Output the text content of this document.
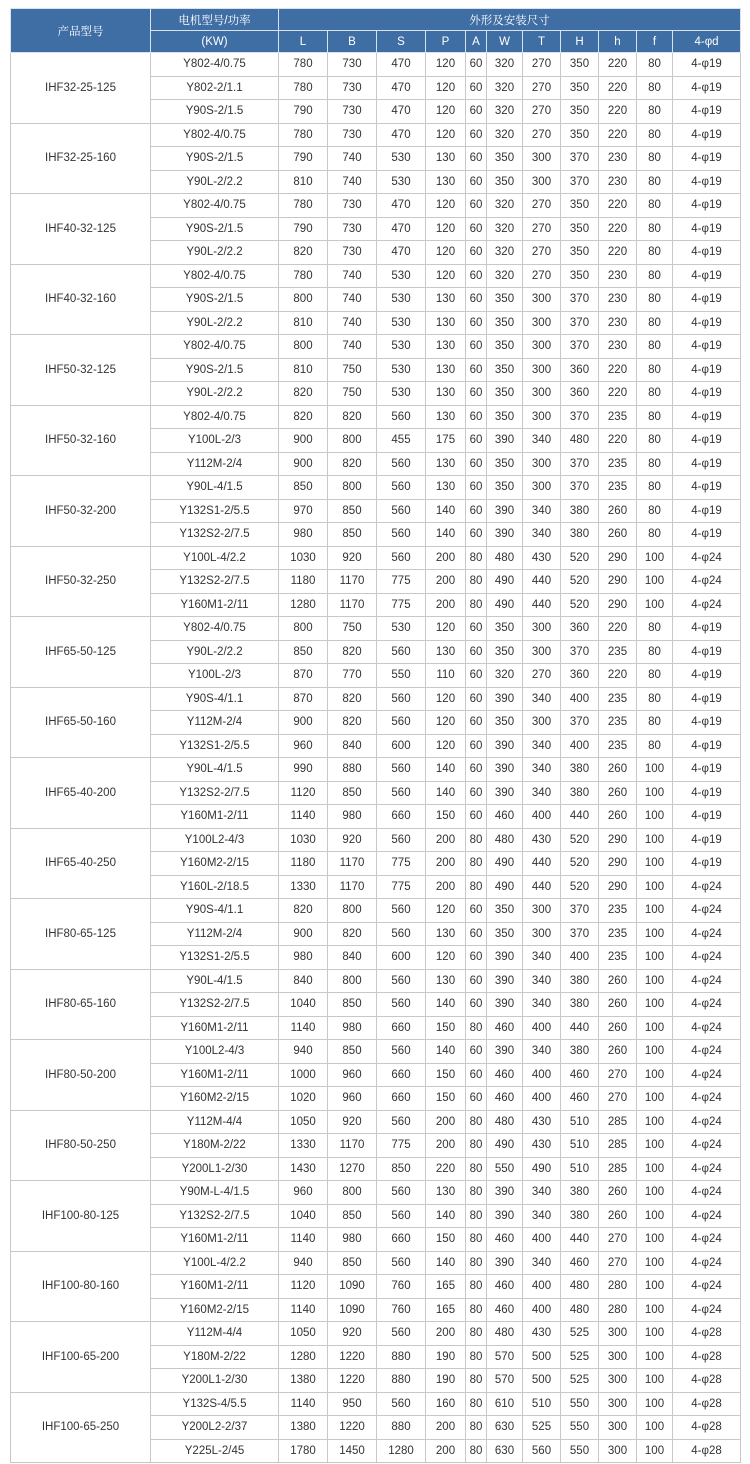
产品型号	电机型号/功率	外形及安装尺寸										
	(KW)	L	B	S	P	A	W	T	H	h	f	4-φd
IHF32-25-125	Y802-4/0.75	780	730	470	120	60	320	270	350	220	80	4-φ19
	Y802-2/1.1	780	730	470	120	60	320	270	350	220	80	4-φ19
	Y90S-2/1.5	790	730	470	120	60	320	270	350	220	80	4-φ19
IHF32-25-160	Y802-4/0.75	780	730	470	120	60	320	270	350	220	80	4-φ19
	Y90S-2/1.5	790	740	530	130	60	350	300	370	230	80	4-φ19
	Y90L-2/2.2	810	740	530	130	60	350	300	370	230	80	4-φ19
IHF40-32-125	Y802-4/0.75	780	730	470	120	60	320	270	350	220	80	4-φ19
	Y90S-2/1.5	790	730	470	120	60	320	270	350	220	80	4-φ19
	Y90L-2/2.2	820	730	470	120	60	320	270	350	220	80	4-φ19
IHF40-32-160	Y802-4/0.75	780	740	530	120	60	320	270	350	230	80	4-φ19
	Y90S-2/1.5	800	740	530	130	60	350	300	370	230	80	4-φ19
	Y90L-2/2.2	810	740	530	130	60	350	300	370	230	80	4-φ19
IHF50-32-125	Y802-4/0.75	800	740	530	130	60	350	300	370	230	80	4-φ19
	Y90S-2/1.5	810	750	530	130	60	350	300	360	220	80	4-φ19
	Y90L-2/2.2	820	750	530	130	60	350	300	360	220	80	4-φ19
IHF50-32-160	Y802-4/0.75	820	820	560	130	60	350	300	370	235	80	4-φ19
	Y100L-2/3	900	800	455	175	60	390	340	480	220	80	4-φ19
	Y112M-2/4	900	820	560	130	60	350	300	370	235	80	4-φ19
IHF50-32-200	Y90L-4/1.5	850	800	560	130	60	350	300	370	235	80	4-φ19
	Y132S1-2/5.5	970	850	560	140	60	390	340	380	260	80	4-φ19
	Y132S2-2/7.5	980	850	560	140	60	390	340	380	260	80	4-φ19
IHF50-32-250	Y100L-4/2.2	1030	920	560	200	80	480	430	520	290	100	4-φ24
	Y132S2-2/7.5	1180	1170	775	200	80	490	440	520	290	100	4-φ24
	Y160M1-2/11	1280	1170	775	200	80	490	440	520	290	100	4-φ24
IHF65-50-125	Y802-4/0.75	800	750	530	120	60	350	300	360	220	80	4-φ19
	Y90L-2/2.2	850	820	560	130	60	350	300	370	235	80	4-φ19
	Y100L-2/3	870	770	550	110	60	320	270	360	220	80	4-φ19
IHF65-50-160	Y90S-4/1.1	870	820	560	120	60	390	340	400	235	80	4-φ19
	Y112M-2/4	900	820	560	120	60	350	300	370	235	80	4-φ19
	Y132S1-2/5.5	960	840	600	120	60	390	340	400	235	80	4-φ19
IHF65-40-200	Y90L-4/1.5	990	880	560	140	60	390	340	380	260	100	4-φ19
	Y132S2-2/7.5	1120	850	560	140	60	390	340	380	260	100	4-φ19
	Y160M1-2/11	1140	980	660	150	60	460	400	440	260	100	4-φ19
IHF65-40-250	Y100L2-4/3	1030	920	560	200	80	480	430	520	290	100	4-φ19
	Y160M2-2/15	1180	1170	775	200	80	490	440	520	290	100	4-φ19
	Y160L-2/18.5	1330	1170	775	200	80	490	440	520	290	100	4-φ24
IHF80-65-125	Y90S-4/1.1	820	800	560	120	60	350	300	370	235	100	4-φ24
	Y112M-2/4	900	820	560	130	60	350	300	370	235	100	4-φ24
	Y132S1-2/5.5	980	840	600	120	60	390	340	400	235	100	4-φ24
IHF80-65-160	Y90L-4/1.5	840	800	560	130	60	390	340	380	260	100	4-φ24
	Y132S2-2/7.5	1040	850	560	140	60	390	340	380	260	100	4-φ24
	Y160M1-2/11	1140	980	660	150	80	460	400	440	260	100	4-φ24
IHF80-50-200	Y100L2-4/3	940	850	560	140	60	390	340	380	260	100	4-φ24
	Y160M1-2/11	1000	960	660	150	60	460	400	460	270	100	4-φ24
	Y160M2-2/15	1020	960	660	150	60	460	400	460	270	100	4-φ24
IHF80-50-250	Y112M-4/4	1050	920	560	200	80	480	430	510	285	100	4-φ24
	Y180M-2/22	1330	1170	775	200	80	490	430	510	285	100	4-φ24
	Y200L1-2/30	1430	1270	850	220	80	550	490	510	285	100	4-φ24
IHF100-80-125	Y90M-L-4/1.5	960	800	560	130	80	390	340	380	260	100	4-φ24
	Y132S2-2/7.5	1040	850	560	140	80	390	340	380	260	100	4-φ24
	Y160M1-2/11	1140	980	660	150	80	460	400	440	270	100	4-φ24
IHF100-80-160	Y100L-4/2.2	940	850	560	140	80	390	340	460	270	100	4-φ24
	Y160M1-2/11	1120	1090	760	165	80	460	400	480	280	100	4-φ24
	Y160M2-2/15	1140	1090	760	165	80	460	400	480	280	100	4-φ24
IHF100-65-200	Y112M-4/4	1050	920	560	200	80	480	430	525	300	100	4-φ28
	Y180M-2/22	1280	1220	880	190	80	570	500	525	300	100	4-φ28
	Y200L1-2/30	1380	1220	880	190	80	570	500	525	300	100	4-φ28
IHF100-65-250	Y132S-4/5.5	1140	950	560	160	80	610	510	550	300	100	4-φ28
	Y200L2-2/37	1380	1220	880	200	80	630	525	550	300	100	4-φ28
	Y225L-2/45	1780	1450	1280	200	80	630	560	550	300	100	4-φ28
